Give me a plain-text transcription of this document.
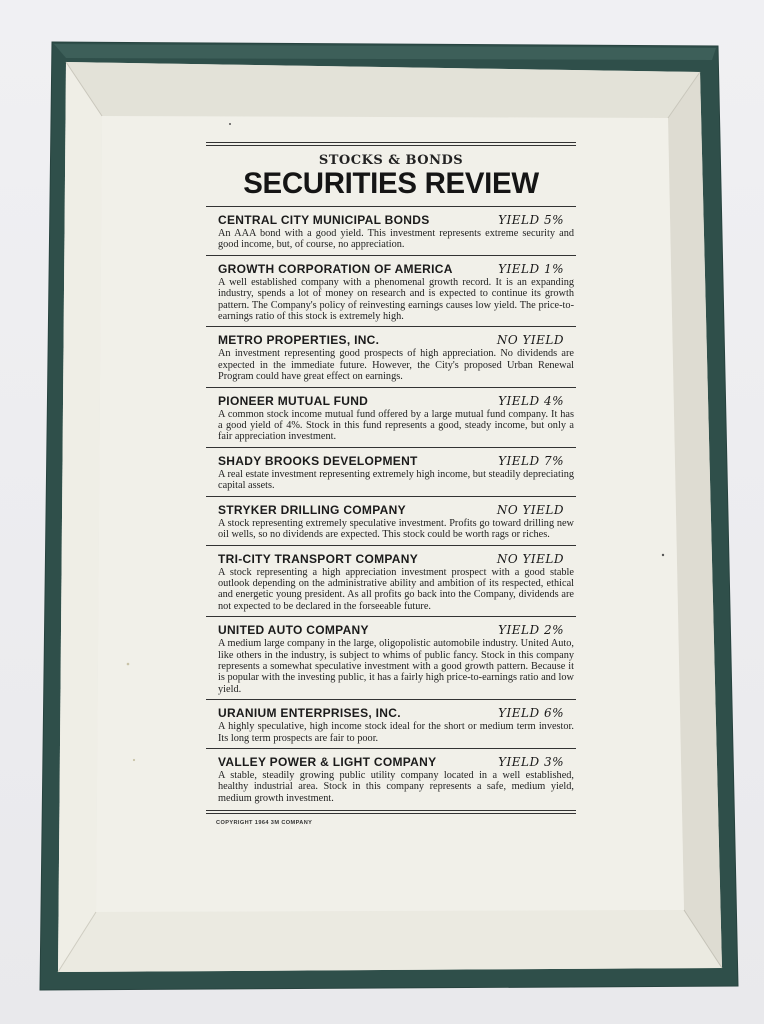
STOCKS & BONDS
SECURITIES REVIEW
CENTRAL CITY MUNICIPAL BONDS	YIELD 5%
An AAA bond with a good yield. This investment represents extreme security and good income, but, of course, no appreciation.
GROWTH CORPORATION OF AMERICA	YIELD 1%
A well established company with a phenomenal growth record. It is an expanding industry, spends a lot of money on research and is expected to continue its growth pattern. The Company's policy of reinvesting earnings causes low yield. The price-to-earnings ratio of this stock is extremely high.
METRO PROPERTIES, INC.	NO YIELD
An investment representing good prospects of high appreciation. No dividends are expected in the immediate future. However, the City's proposed Urban Renewal Program could have great effect on earnings.
PIONEER MUTUAL FUND	YIELD 4%
A common stock income mutual fund offered by a large mutual fund company. It has a good yield of 4%. Stock in this fund represents a good, steady income, but only a fair appreciation investment.
SHADY BROOKS DEVELOPMENT	YIELD 7%
A real estate investment representing extremely high income, but steadily depreciating capital assets.
STRYKER DRILLING COMPANY	NO YIELD
A stock representing extremely speculative investment. Profits go toward drilling new oil wells, so no dividends are expected. This stock could be worth rags or riches.
TRI-CITY TRANSPORT COMPANY	NO YIELD
A stock representing a high appreciation investment prospect with a good stable outlook depending on the administrative ability and ambition of its respected, ethical and energetic young president. As all profits go back into the Company, dividends are not expected to be declared in the forseeable future.
UNITED AUTO COMPANY	YIELD 2%
A medium large company in the large, oligopolistic automobile industry. United Auto, like others in the industry, is subject to whims of public fancy. Stock in this company represents a somewhat speculative investment with a good growth pattern. Because it is popular with the investing public, it has a fairly high price-to-earnings ratio and low yield.
URANIUM ENTERPRISES, INC.	YIELD 6%
A highly speculative, high income stock ideal for the short or medium term investor. Its long term prospects are fair to poor.
VALLEY POWER & LIGHT COMPANY	YIELD 3%
A stable, steadily growing public utility company located in a well established, healthy industrial area. Stock in this company represents a safe, medium yield, medium growth investment.
COPYRIGHT 1964 3M COMPANY
